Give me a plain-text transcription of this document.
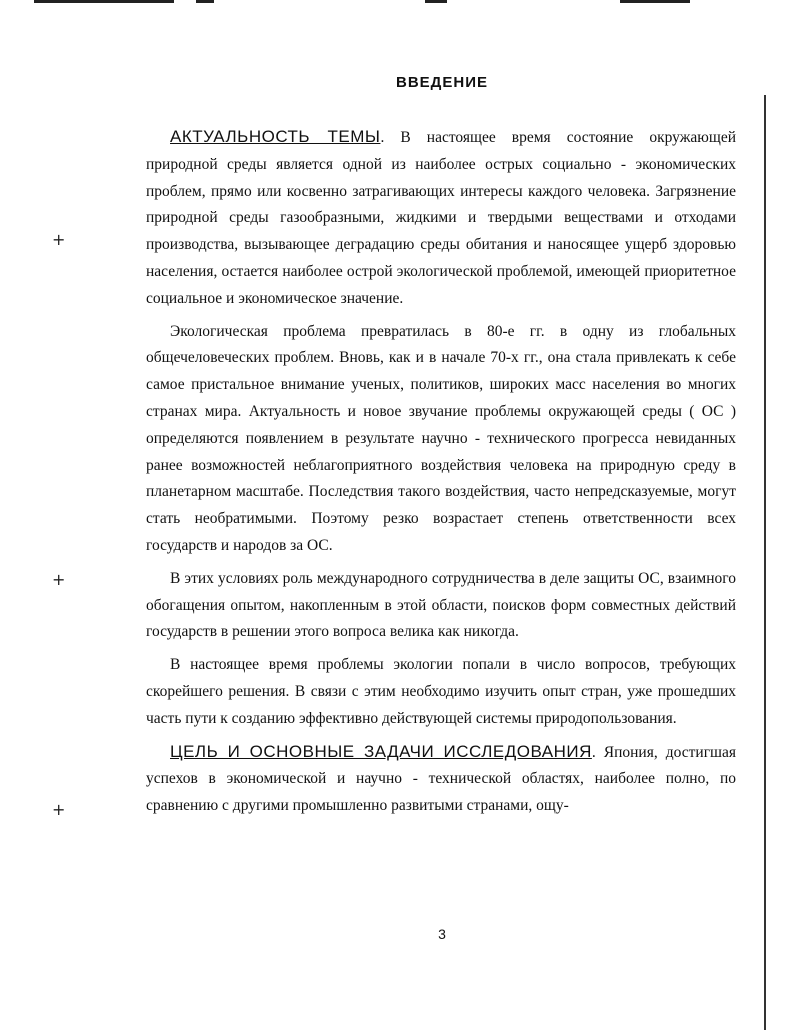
+
+
+
ВВЕДЕНИЕ

АКТУАЛЬНОСТЬ ТЕМЫ. В настоящее время состояние окружающей природной среды является одной из наиболее острых социально - экономических проблем, прямо или косвенно затрагивающих интересы каждого человека. Загрязнение природной среды газообразными, жидкими и твердыми веществами и отходами производства, вызывающее деградацию среды обитания и наносящее ущерб здоровью населения, остается наиболее острой экологической проблемой, имеющей приоритетное социальное и экономическое значение.

Экологическая проблема превратилась в 80-е гг. в одну из глобальных общечеловеческих проблем. Вновь, как и в начале 70-х гг., она стала привлекать к себе самое пристальное внимание ученых, политиков, широких масс населения во многих странах мира. Актуальность и новое звучание проблемы окружающей среды ( ОС ) определяются появлением в результате научно - технического прогресса невиданных ранее возможностей неблагоприятного воздействия человека на природную среду в планетарном масштабе. Последствия такого воздействия, часто непредсказуемые, могут стать необратимыми. Поэтому резко возрастает степень ответственности всех государств и народов за ОС.

В этих условиях роль международного сотрудничества в деле защиты ОС, взаимного обогащения опытом, накопленным в этой области, поисков форм совместных действий государств в решении этого вопроса велика как никогда.

В настоящее время проблемы экологии попали в число вопросов, требующих скорейшего решения. В связи с этим необходимо изучить опыт стран, уже прошедших часть пути к созданию эффективно действующей системы природопользования.

ЦЕЛЬ И ОСНОВНЫЕ ЗАДАЧИ ИССЛЕДОВАНИЯ. Япония, достигшая успехов в экономической и научно - технической областях, наиболее полно, по сравнению с другими промышленно развитыми странами, ощу-

3
